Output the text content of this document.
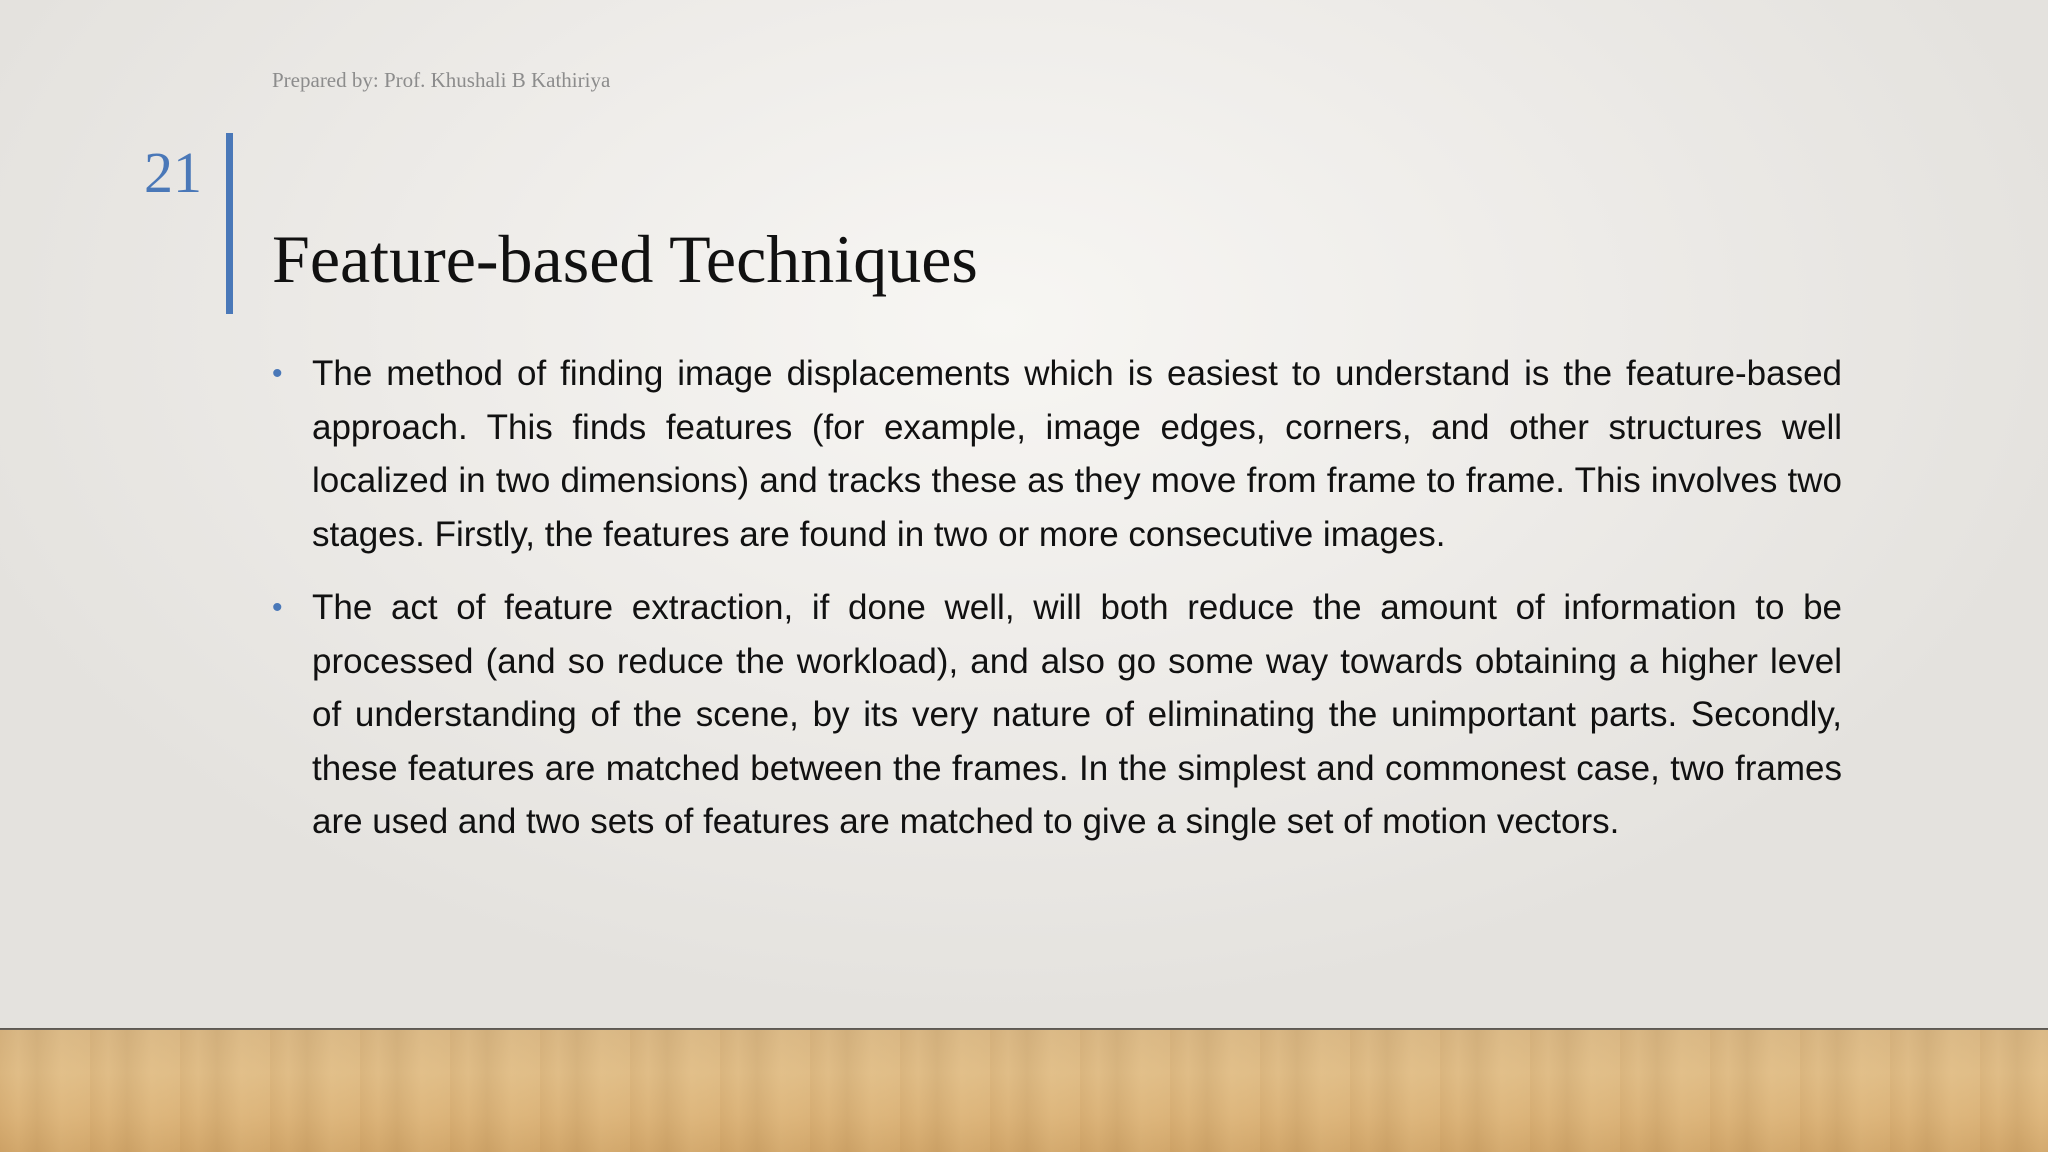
Prepared by: Prof. Khushali B Kathiriya
21
Feature-based Techniques

• The method of finding image displacements which is easiest to understand is the feature-based approach. This finds features (for example, image edges, corners, and other structures well localized in two dimensions) and tracks these as they move from frame to frame. This involves two stages. Firstly, the features are found in two or more consecutive images.

• The act of feature extraction, if done well, will both reduce the amount of information to be processed (and so reduce the workload), and also go some way towards obtaining a higher level of understanding of the scene, by its very nature of eliminating the unimportant parts. Secondly, these features are matched between the frames. In the simplest and commonest case, two frames are used and two sets of features are matched to give a single set of motion vectors.
